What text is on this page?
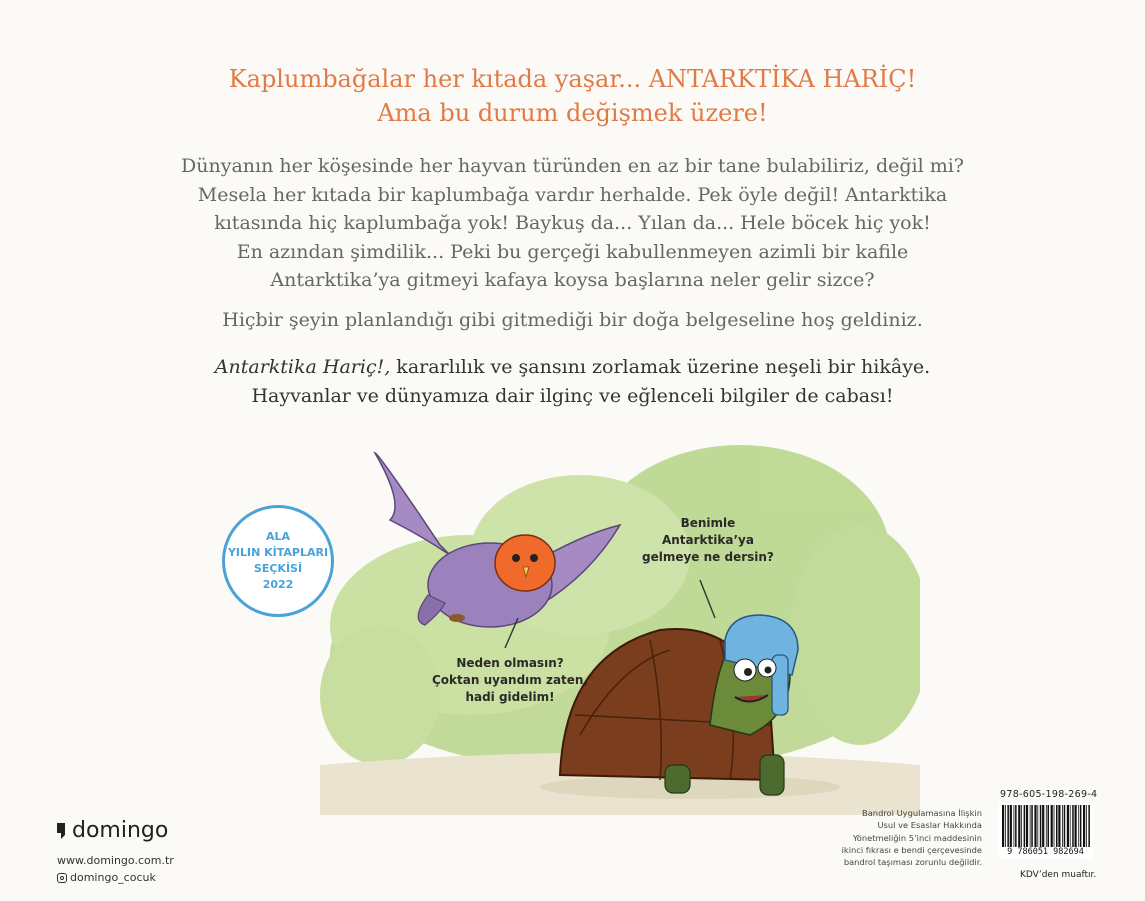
Kaplumbağalar her kıtada yaşar... ANTARKTİKA HARİÇ!
Ama bu durum değişmek üzere!
Dünyanın her köşesinde her hayvan türünden en az bir tane bulabiliriz, değil mi?
Mesela her kıtada bir kaplumbağa vardır herhalde. Pek öyle değil! Antarktika
kıtasında hiç kaplumbağa yok! Baykuş da... Yılan da... Hele böcek hiç yok!
En azından şimdilik... Peki bu gerçeği kabullenmeyen azimli bir kafile
Antarktika’ya gitmeyi kafaya koysa başlarına neler gelir sizce?
Hiçbir şeyin planlandığı gibi gitmediği bir doğa belgeseline hoş geldiniz.
Antarktika Hariç!, kararlılık ve şansını zorlamak üzerine neşeli bir hikâye.
Hayvanlar ve dünyamıza dair ilginç ve eğlenceli bilgiler de cabası!
Benimle
Antarktika’ya
gelmeye ne dersin?
Neden olmasın?
Çoktan uyandım zaten,
hadi gidelim!
ALA
YILIN KİTAPLARI
SEÇKİSİ
2022
domingo
www.domingo.com.tr
domingo_cocuk
Bandrol Uygulamasına İlişkin
Usul ve Esaslar Hakkında
Yönetmeliğin 5’inci maddesinin
ikinci fıkrası e bendi çerçevesinde
bandrol taşıması zorunlu değildir.
978-605-198-269-4
9 786051 982694
KDV’den muaftır.
